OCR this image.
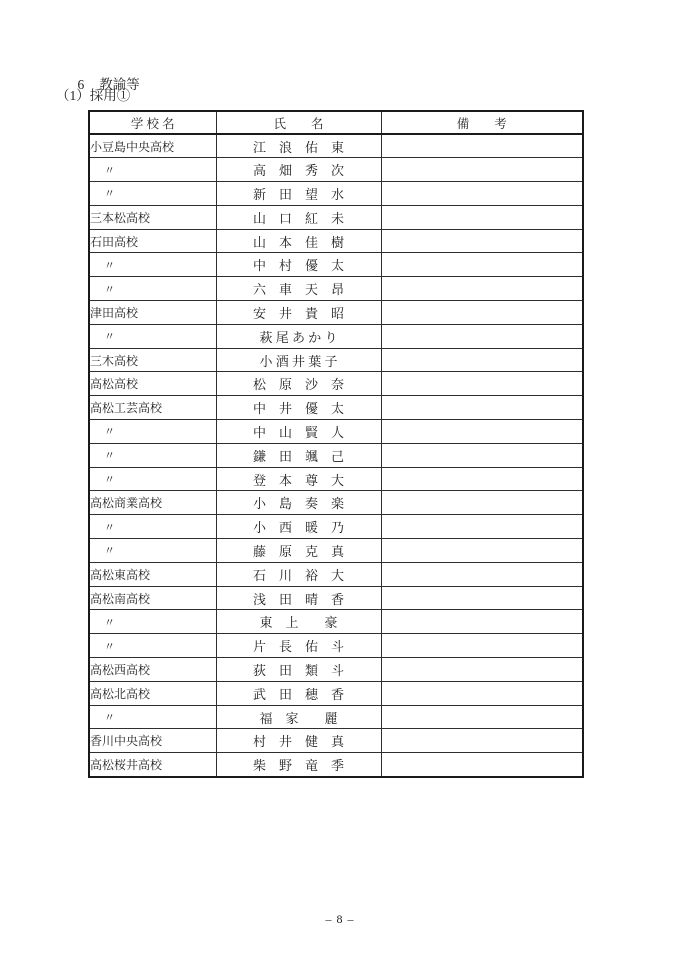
6 教諭等

（1）採用①
学 校 名	氏　　名	備　　考
小豆島中央高校	江　浪　佑　東	
〃	高　畑　秀　次	
〃	新　田　望　水	
三本松高校	山　口　紅　未	
石田高校	山　本　佳　樹	
〃	中　村　優　太	
〃	六　車　天　昂	
津田高校	安　井　貴　昭	
〃	萩 尾 あ か り	
三木高校	小 酒 井 葉 子	
高松高校	松　原　沙　奈	
高松工芸高校	中　井　優　太	
〃	中　山　賢　人	
〃	鎌　田　颯　己	
〃	登　本　尊　大	
高松商業高校	小　島　奏　楽	
〃	小　西　暖　乃	
〃	藤　原　克　真	
高松東高校	石　川　裕　大	
高松南高校	浅　田　晴　香	
〃	東　上　　豪	
〃	片　長　佑　斗	
高松西高校	荻　田　類　斗	
高松北高校	武　田　穂　香	
〃	福　家　　麗	
香川中央高校	村　井　健　真	
高松桜井高校	柴　野　竜　季	
– 8 –
